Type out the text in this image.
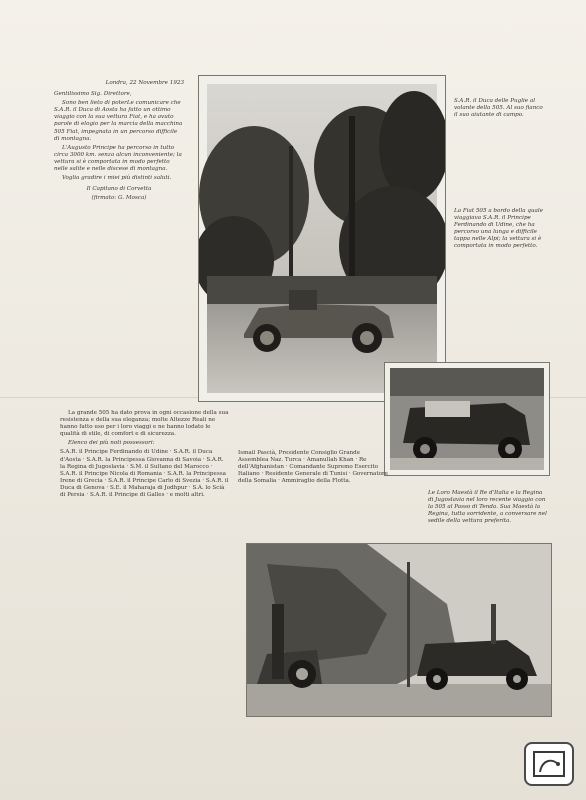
Londra, 22 Novembre 1923

Gentilissimo Sig. Direttore,

Sono ben lieto di poterLe comunicare che S.A.R. il Duca di Aosta ha fatto un ottimo viaggio con la sua vettura Fiat, e ha avuto parole di elogio per la marcia della macchina 505 Fiat, impegnata in un percorso difficile di montagna.

L'Augusto Principe ha percorso in tutto circa 3000 km. senza alcun inconveniente; la vettura si è comportata in modo perfetto nelle salite e nelle discese di montagna.

Voglia gradire i miei più distinti saluti.

Il Capitano di Corvetta

(firmato: G. Mosca)

S.A.R. il Duca delle Puglie al volante della 505. Al suo fianco il suo aiutante di campo.
La Fiat 505 a bordo della quale viaggiava S.A.R. il Principe Ferdinando di Udine, che ha percorso una lunga e difficile tappa nelle Alpi; la vettura si è comportata in modo perfetto.

La grande 505 ha dato prova in ogni occasione della sua resistenza e della sua eleganza; molte Altezze Reali ne hanno fatto uso per i loro viaggi e ne hanno lodato le qualità di stile, di comfort e di sicurezza.

Elenco dei più noti possessori:

S.A.R. il Principe Ferdinando di Udine · S.A.R. il Duca d'Aosta · S.A.R. la Principessa Giovanna di Savoia · S.A.R. la Regina di Jugoslavia · S.M. il Sultano del Marocco · S.A.R. il Principe Nicola di Romania · S.A.R. la Principessa Irene di Grecia · S.A.R. il Principe Carlo di Svezia · S.A.R. il Duca di Genova · S.E. il Maharaja di Jodhpur · S.A. lo Scià di Persia · S.A.R. il Principe di Galles · e molti altri.

Ismail Pascià, Presidente Consiglio Grande Assemblea Naz. Turca · Amanullah Khan · Re dell'Afghanistan · Comandante Supremo Esercito Italiano · Residente Generale di Tunisi · Governatore della Somalia · Ammiraglio della Flotta.

Le Loro Maestà il Re d'Italia e la Regina di Jugoslavia nel loro recente viaggio con la 505 al Passo di Tenda. Sua Maestà la Regina, tutta sorridente, a conversare nel sedile della vettura preferita.
